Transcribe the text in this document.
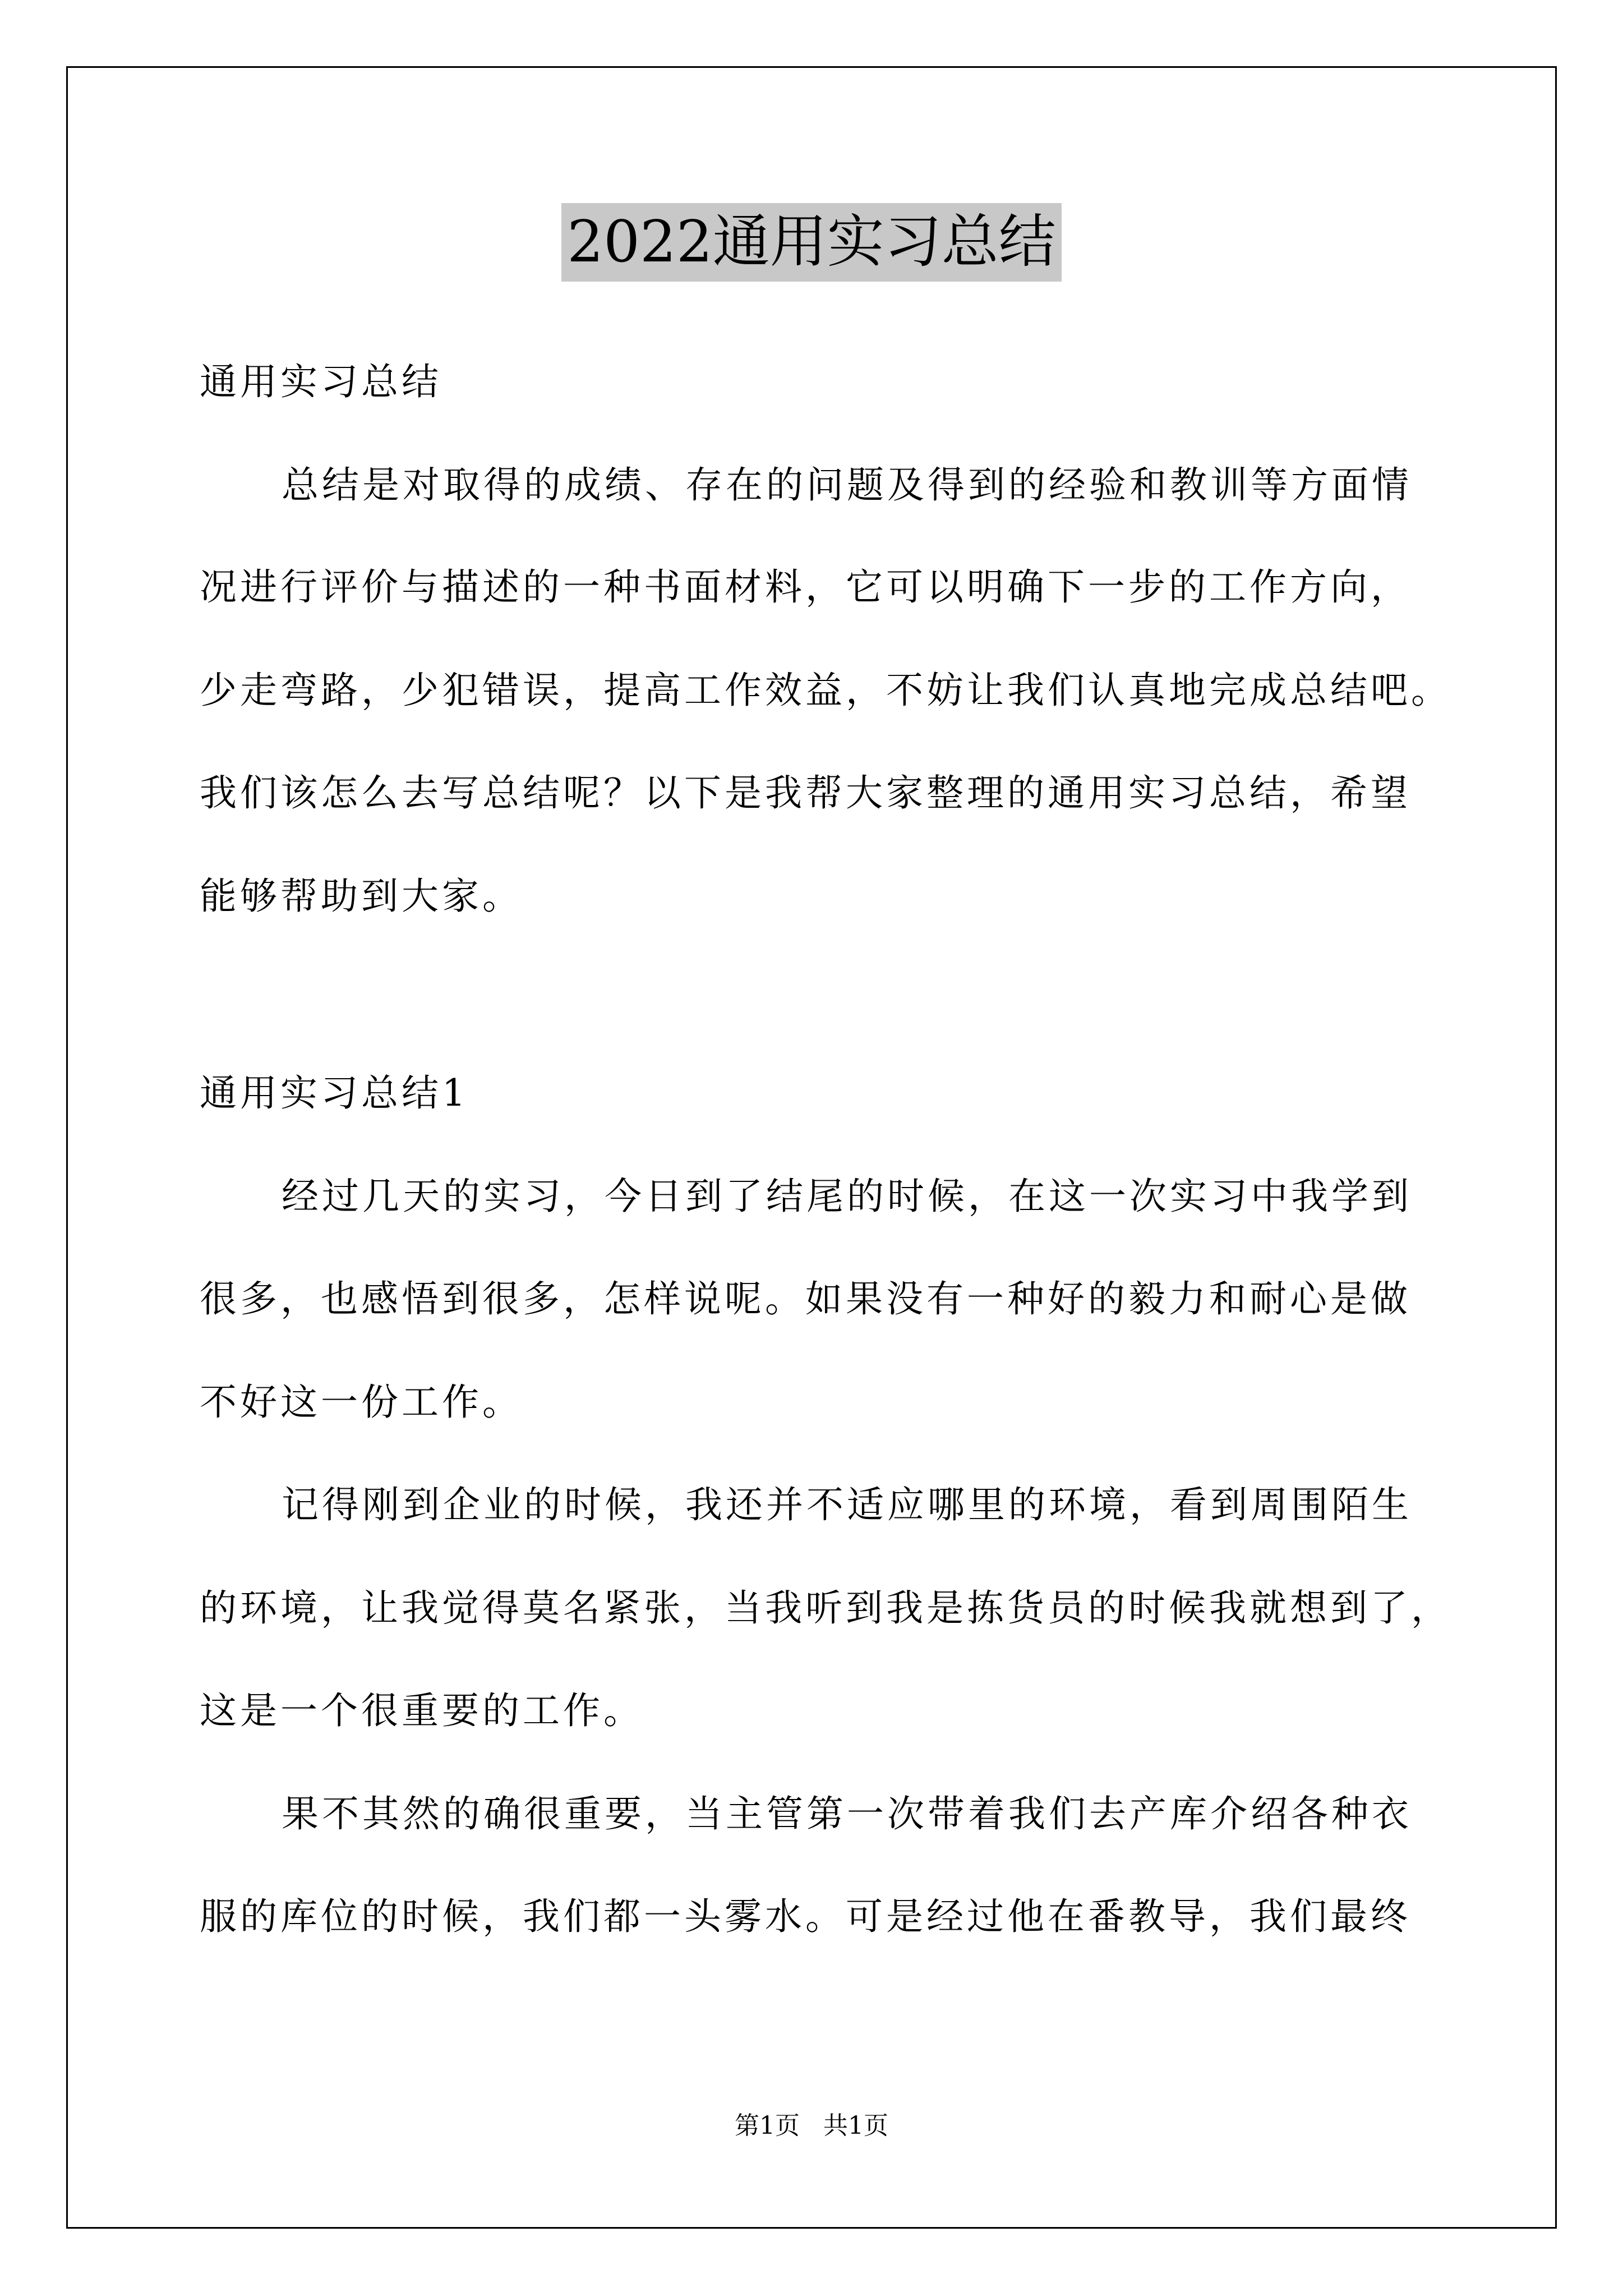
2022通用实习总结
通用实习总结
总结是对取得的成绩、存在的问题及得到的经验和教训等方面情
况进行评价与描述的一种书面材料，它可以明确下一步的工作方向，
少走弯路，少犯错误，提高工作效益，不妨让我们认真地完成总结吧。
我们该怎么去写总结呢？以下是我帮大家整理的通用实习总结，希望
能够帮助到大家。
通用实习总结1
经过几天的实习，今日到了结尾的时候，在这一次实习中我学到
很多，也感悟到很多，怎样说呢。如果没有一种好的毅力和耐心是做
不好这一份工作。
记得刚到企业的时候，我还并不适应哪里的环境，看到周围陌生
的环境，让我觉得莫名紧张，当我听到我是拣货员的时候我就想到了，
这是一个很重要的工作。
果不其然的确很重要，当主管第一次带着我们去产库介绍各种衣
服的库位的时候，我们都一头雾水。可是经过他在番教导，我们最终
第1页   共1页
